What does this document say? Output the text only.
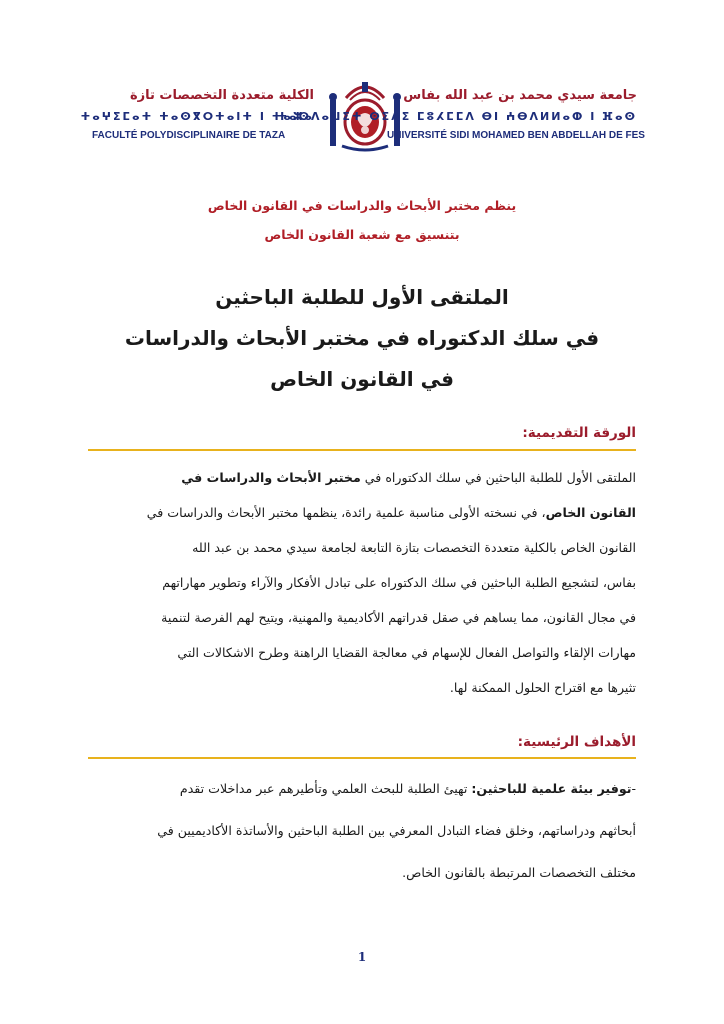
الكلية متعددة التخصصات تازة
ⵜⴰⵖⵉⵎⴰⵜ ⵜⴰⵙⴳⵔⵜⴰⵏⵜ ⵏ ⵜⴰⵣⴰ
FACULTÉ POLYDISCIPLINAIRE DE TAZA
جامعة سيدي محمد بن عبد الله بفاس
ⵜⴰⵙⴷⴰⵡⵉⵜ ⵙⵉⴷⵉ ⵎⵓⵃⵎⵎⴷ ⴱⵏ ⵄⴱⴷⵍⵍⴰⵀ ⵏ ⴼⴰⵙ
UNIVERSITÉ SIDI MOHAMED BEN ABDELLAH DE FES
ينظم مختبر الأبحاث والدراسات في القانون الخاص
بتنسيق مع شعبة القانون الخاص
الملتقى الأول للطلبة الباحثين
في سلك الدكتوراه في مختبر الأبحاث والدراسات
في القانون الخاص
الورقة التقديمية:
الملتقى الأول للطلبة الباحثين في سلك الدكتوراه في مختبر الأبحاث والدراسات في
القانون الخاص، في نسخته الأولى مناسبة علمية رائدة، ينظمها مختبر الأبحاث والدراسات في
القانون الخاص بالكلية متعددة التخصصات بتازة التابعة لجامعة سيدي محمد بن عبد الله
بفاس، لتشجيع الطلبة الباحثين في سلك الدكتوراه على تبادل الأفكار والآراء وتطوير مهاراتهم
في مجال القانون، مما يساهم في صقل قدراتهم الأكاديمية والمهنية، ويتيح لهم الفرصة لتنمية
مهارات الإلقاء والتواصل الفعال للإسهام في معالجة القضايا الراهنة وطرح الاشكالات التي
تثيرها مع اقتراح الحلول الممكنة لها.
الأهداف الرئيسية:
-توفير بيئة علمية للباحثين: تهيئ الطلبة للبحث العلمي وتأطيرهم عبر مداخلات تقدم
أبحاثهم ودراساتهم، وخلق فضاء التبادل المعرفي بين الطلبة الباحثين والأساتذة الأكاديميين في
مختلف التخصصات المرتبطة بالقانون الخاص.
1
